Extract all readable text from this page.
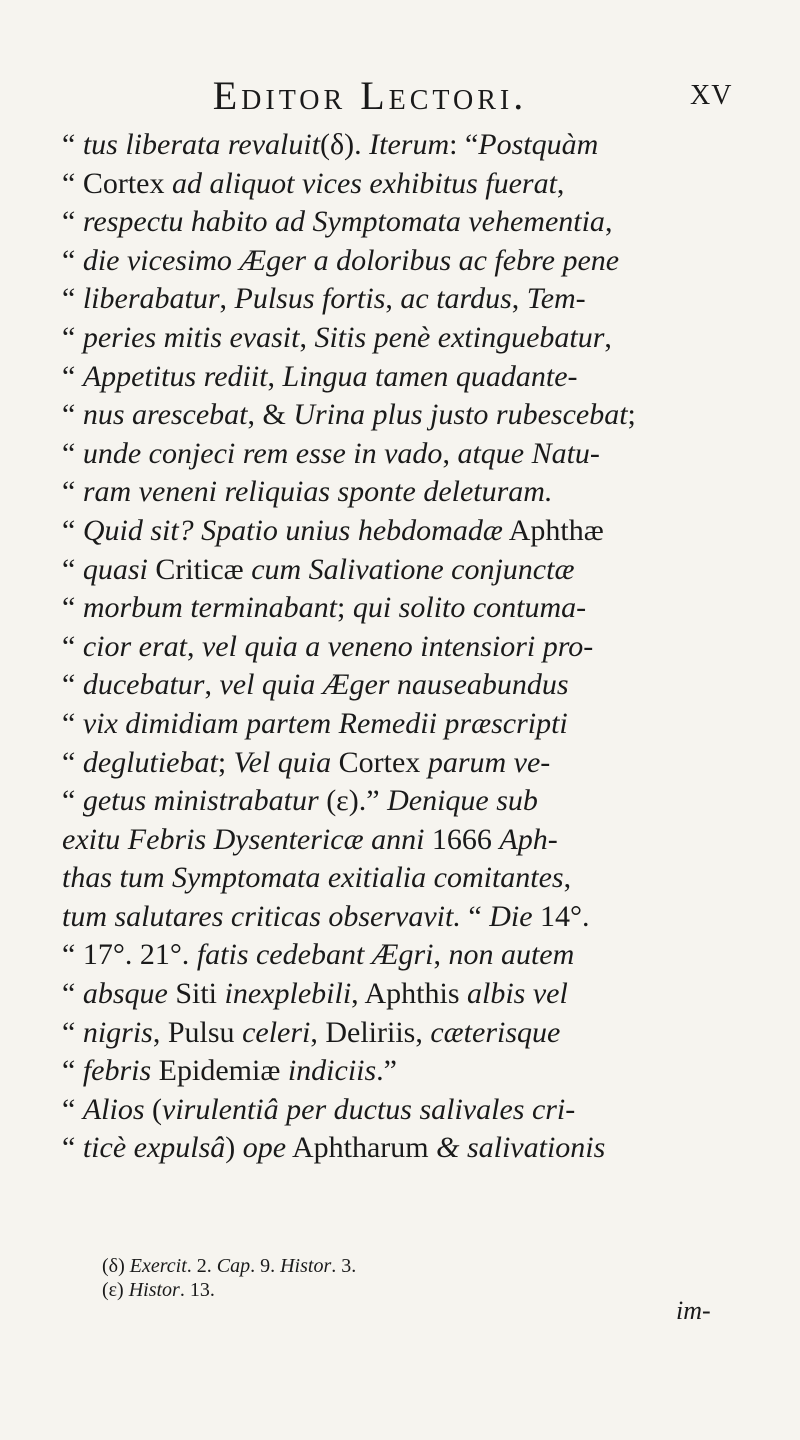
Editor Lectori.	XV
“ tus liberata revaluit(δ). Iterum: “Postquàm
“ Cortex ad aliquot vices exhibitus fuerat,
“ respectu habito ad Symptomata vehementia,
“ die vicesimo Æger a doloribus ac febre pene
“ liberabatur, Pulsus fortis, ac tardus, Tem-
“ peries mitis evasit, Sitis penè extinguebatur,
“ Appetitus rediit, Lingua tamen quadante-
“ nus arescebat, & Urina plus justo rubescebat;
“ unde conjeci rem esse in vado, atque Natu-
“ ram veneni reliquias sponte deleturam.
“ Quid sit? Spatio unius hebdomadæ Aphthæ
“ quasi Criticæ cum Salivatione conjunctæ
“ morbum terminabant; qui solito contuma-
“ cior erat, vel quia a veneno intensiori pro-
“ ducebatur, vel quia Æger nauseabundus
“ vix dimidiam partem Remedii præscripti
“ deglutiebat; Vel quia Cortex parum ve-
“ getus ministrabatur (ε).” Denique sub
exitu Febris Dysentericæ anni 1666 Aph-
thas tum Symptomata exitialia comitantes,
tum salutares criticas observavit. “ Die 14°.
“ 17°. 21°. fatis cedebant Ægri, non autem
“ absque Siti inexplebili, Aphthis albis vel
“ nigris, Pulsu celeri, Deliriis, cæterisque
“ febris Epidemiæ indiciis.”
“ Alios (virulentiâ per ductus salivales cri-
“ ticè expulsâ) ope Aphtharum & salivationis
(δ) Exercit. 2. Cap. 9. Histor. 3.
(ε) Histor. 13.
im-
